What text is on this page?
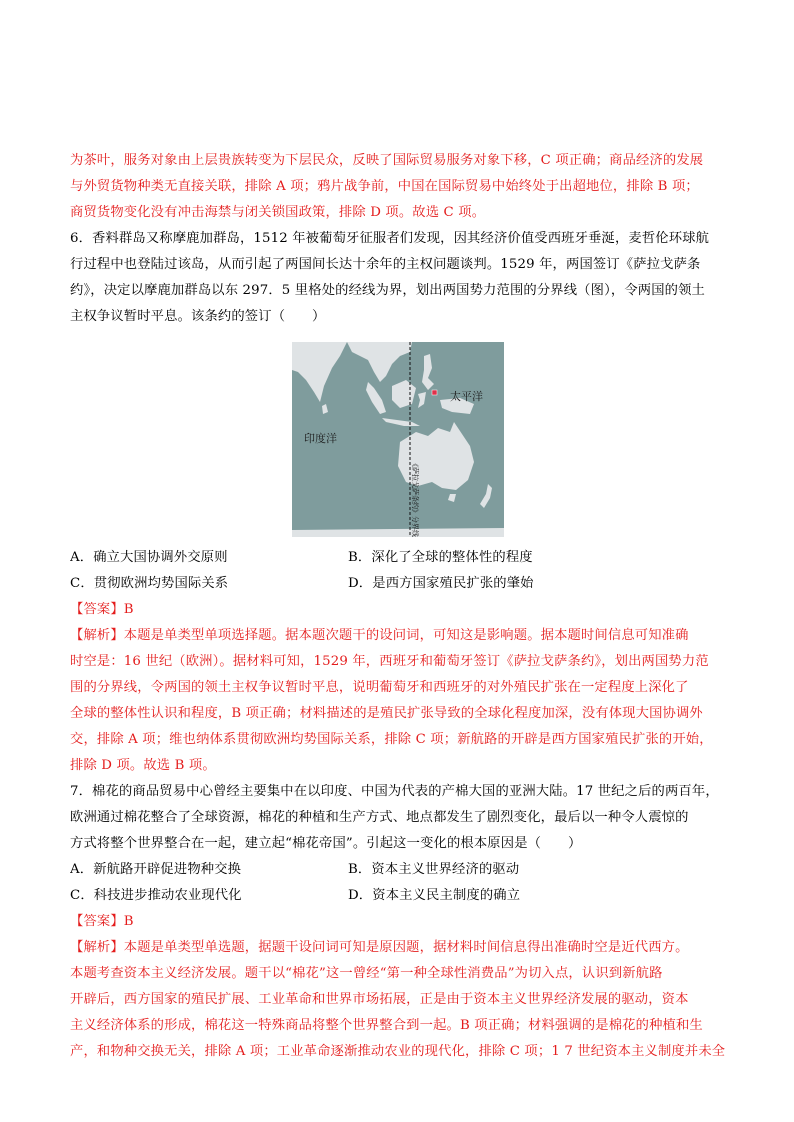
为茶叶，服务对象由上层贵族转变为下层民众，反映了国际贸易服务对象下移，C 项正确；商品经济的发展
与外贸货物种类无直接关联，排除 A 项；鸦片战争前，中国在国际贸易中始终处于出超地位，排除 B 项；
商贸货物变化没有冲击海禁与闭关锁国政策，排除 D 项。故选 C 项。
6．香料群岛又称摩鹿加群岛，1512 年被葡萄牙征服者们发现，因其经济价值受西班牙垂涎，麦哲伦环球航
行过程中也登陆过该岛，从而引起了两国间长达十余年的主权问题谈判。1529 年，两国签订《萨拉戈萨条
约》，决定以摩鹿加群岛以东 297．5 里格处的经线为界，划出两国势力范围的分界线（图），令两国的领土
主权争议暂时平息。该条约的签订（　　）
太平洋
印度洋
《萨拉戈萨条约》分界线
A．确立大国协调外交原则	B．深化了全球的整体性的程度
C．贯彻欧洲均势国际关系	D．是西方国家殖民扩张的肇始
【答案】B
【解析】本题是单类型单项选择题。据本题次题干的设问词，可知这是影响题。据本题时间信息可知准确
时空是：16 世纪（欧洲）。据材料可知，1529 年，西班牙和葡萄牙签订《萨拉戈萨条约》，划出两国势力范
围的分界线，令两国的领土主权争议暂时平息，说明葡萄牙和西班牙的对外殖民扩张在一定程度上深化了
全球的整体性认识和程度，B 项正确；材料描述的是殖民扩张导致的全球化程度加深，没有体现大国协调外
交，排除 A 项；维也纳体系贯彻欧洲均势国际关系，排除 C 项；新航路的开辟是西方国家殖民扩张的开始，
排除 D 项。故选 B 项。
7．棉花的商品贸易中心曾经主要集中在以印度、中国为代表的产棉大国的亚洲大陆。17 世纪之后的两百年，
欧洲通过棉花整合了全球资源，棉花的种植和生产方式、地点都发生了剧烈变化，最后以一种令人震惊的
方式将整个世界整合在一起，建立起“棉花帝国”。引起这一变化的根本原因是（　　）
A．新航路开辟促进物种交换	B．资本主义世界经济的驱动
C．科技进步推动农业现代化	D．资本主义民主制度的确立
【答案】B
【解析】本题是单类型单选题，据题干设问词可知是原因题，据材料时间信息得出准确时空是近代西方。
本题考查资本主义经济发展。题干以“棉花”这一曾经“第一种全球性消费品”为切入点，认识到新航路
开辟后，西方国家的殖民扩展、工业革命和世界市场拓展，正是由于资本主义世界经济发展的驱动，资本
主义经济体系的形成，棉花这一特殊商品将整个世界整合到一起。B 项正确；材料强调的是棉花的种植和生
产，和物种交换无关，排除 A 项；工业革命逐渐推动农业的现代化，排除 C 项；1 7 世纪资本主义制度并未全
